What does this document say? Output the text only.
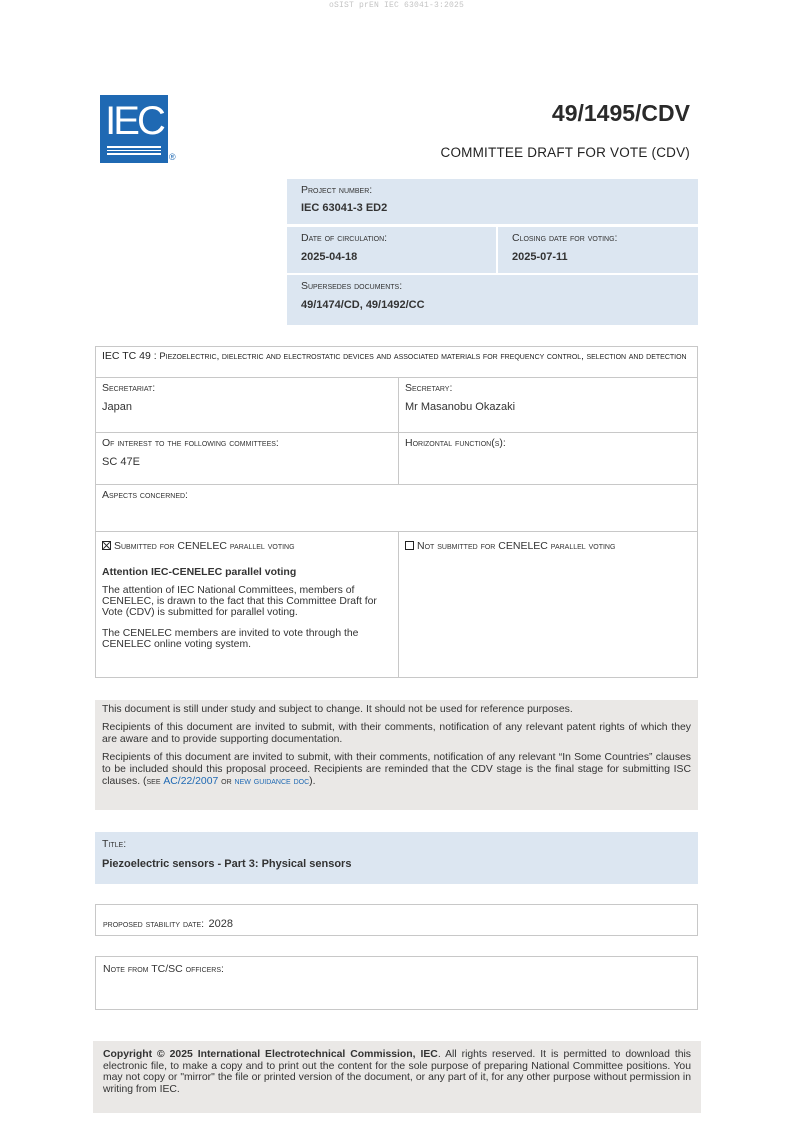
oSIST prEN IEC 63041-3:2025
IEC
®
49/1495/CDV
COMMITTEE DRAFT FOR VOTE (CDV)
Project number:
IEC 63041-3 ED2
Date of circulation:
2025-04-18
Closing date for voting:
2025-07-11
Supersedes documents:
49/1474/CD, 49/1492/CC
IEC TC 49 : Piezoelectric, dielectric and electrostatic devices and associated materials for frequency control, selection and detection
Secretariat:
Japan
Secretary:
Mr Masanobu Okazaki
Of interest to the following committees:
SC 47E
Horizontal function(s):
Aspects concerned:
Submitted for CENELEC parallel voting
Attention IEC-CENELEC parallel voting
The attention of IEC National Committees, members of CENELEC, is drawn to the fact that this Committee Draft for Vote (CDV) is submitted for parallel voting.
The CENELEC members are invited to vote through the CENELEC online voting system.
Not submitted for CENELEC parallel voting

This document is still under study and subject to change. It should not be used for reference purposes.

Recipients of this document are invited to submit, with their comments, notification of any relevant patent rights of which they are aware and to provide supporting documentation.

Recipients of this document are invited to submit, with their comments, notification of any relevant “In Some Countries” clauses to be included should this proposal proceed. Recipients are reminded that the CDV stage is the final stage for submitting ISC clauses. (see AC/22/2007 or new guidance doc).

Title:
Piezoelectric sensors - Part 3: Physical sensors
proposed stability date: 2028
Note from TC/SC officers:
Copyright © 2025 International Electrotechnical Commission, IEC. All rights reserved. It is permitted to download this electronic file, to make a copy and to print out the content for the sole purpose of preparing National Committee positions. You may not copy or "mirror" the file or printed version of the document, or any part of it, for any other purpose without permission in writing from IEC.
